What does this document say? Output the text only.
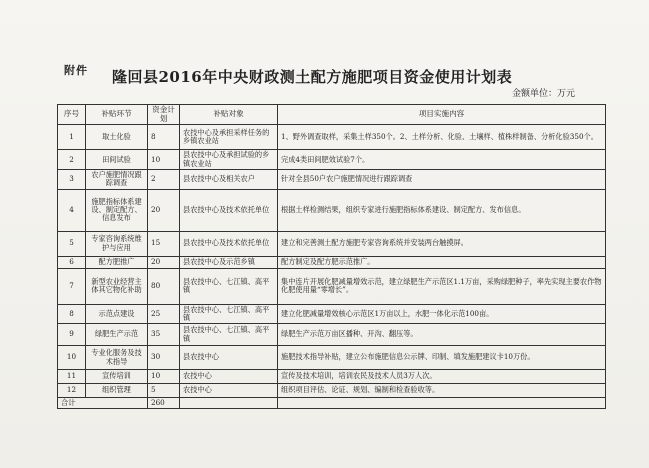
附件 隆回县2016年中央财政测土配方施肥项目资金使用计划表
金额单位：万元
序号	补贴环节	资金计划	补贴对象	项目实施内容
1	取土化验	8	农技中心及承担采样任务的乡镇农业站	1、野外调查取样，采集土样350个。2、土样分析、化验、土壤样、植株样制备、分析化验350个。
2	田间试验	10	县农技中心及承担试验的乡镇农业站	完成4类田间肥效试验7个。
3	农户施肥情况跟踪调查	2	县农技中心及相关农户	针对全县50户农户施肥情况进行跟踪调查
4	施肥指标体系建设、制定配方、信息发布	20	县农技中心及技术依托单位	根据土样检测结果，组织专家进行施肥指标体系建设、制定配方、发布信息。
5	专家咨询系统维护与应用	15	县农技中心及技术依托单位	建立和完善测土配方施肥专家咨询系统并安装两台触摸屏。
6	配方肥推广	20	县农技中心及示范乡镇	配方制定及配方肥示范推广。
7	新型农业经营主体其它物化补助	80	县农技中心、七江镇、高平镇	集中连片开展化肥减量增效示范，建立绿肥生产示范区1.1万亩，采购绿肥种子，率先实现主要农作物化肥使用量“零增长”。
8	示范点建设	25	县农技中心、七江镇、高平镇	建立化肥减量增效核心示范区1万亩以上，水肥一体化示范100亩。
9	绿肥生产示范	35	县农技中心、七江镇、高平镇	绿肥生产示范万亩区播种、开沟、翻压等。
10	专业化服务及技术指导	30	县农技中心	施肥技术指导补贴，建立公布施肥信息公示牌、印制、填发施肥建议卡10万份。
11	宣传培训	10	农技中心	宣传及技术培训，培训农民及技术人员3万人次。
12	组织管理	5	农技中心	组织项目评估、论证、规划、编制和检查验收等。
合计		260		
